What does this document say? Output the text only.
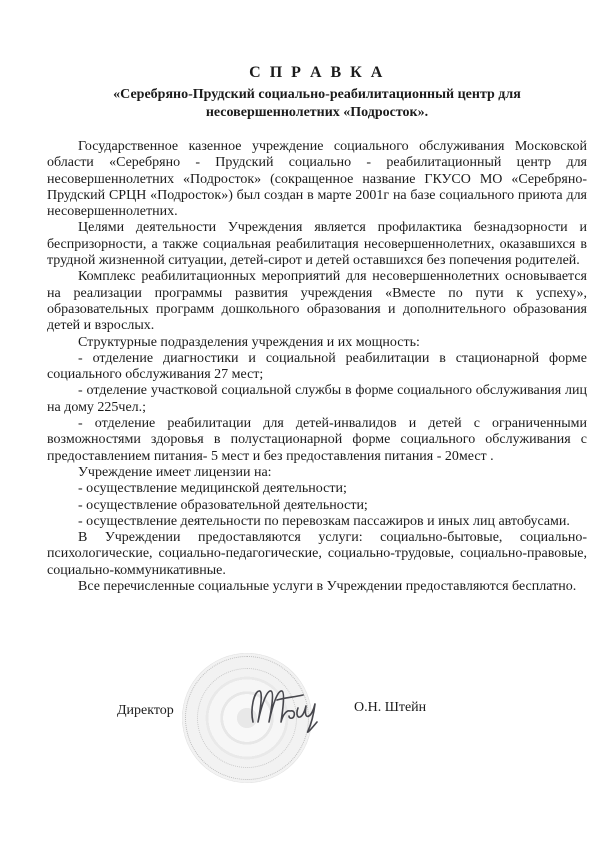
С П Р А В К А
«Серебряно-Прудский социально-реабилитационный центр для несовершеннолетних «Подросток».

Государственное казенное учреждение социального обслуживания Московской области «Серебряно - Прудский социально - реабилитационный центр для несовершеннолетних «Подросток» (сокращенное название ГКУСО МО «Серебряно-Прудский СРЦН «Подросток») был создан в марте 2001г на базе социального приюта для несовершеннолетних.

Целями деятельности Учреждения является профилактика безнадзорности и беспризорности, а также социальная реабилитация несовершеннолетних, оказавшихся в трудной жизненной ситуации, детей-сирот и детей оставшихся без попечения родителей.

Комплекс реабилитационных мероприятий для несовершеннолетних основывается на реализации программы развития учреждения «Вместе по пути к успеху», образовательных программ дошкольного образования и дополнительного образования детей и взрослых.

Структурные подразделения учреждения и их мощность:

- отделение диагностики и социальной реабилитации в стационарной форме социального обслуживания 27 мест;

- отделение участковой социальной службы в форме социального обслуживания лиц на дому 225чел.;

- отделение реабилитации для детей-инвалидов и детей с ограниченными возможностями здоровья в полустационарной форме социального обслуживания с предоставлением питания- 5 мест и без предоставления питания - 20мест .

Учреждение имеет лицензии на:

- осуществление медицинской деятельности;

- осуществление образовательной деятельности;

- осуществление деятельности по перевозкам пассажиров и иных лиц автобусами.

В Учреждении предоставляются услуги: социально-бытовые, социально-психологические, социально-педагогические, социально-трудовые, социально-правовые, социально-коммуникативные.

Все перечисленные социальные услуги в Учреждении предоставляются бесплатно.

Директор	О.Н. Штейн
